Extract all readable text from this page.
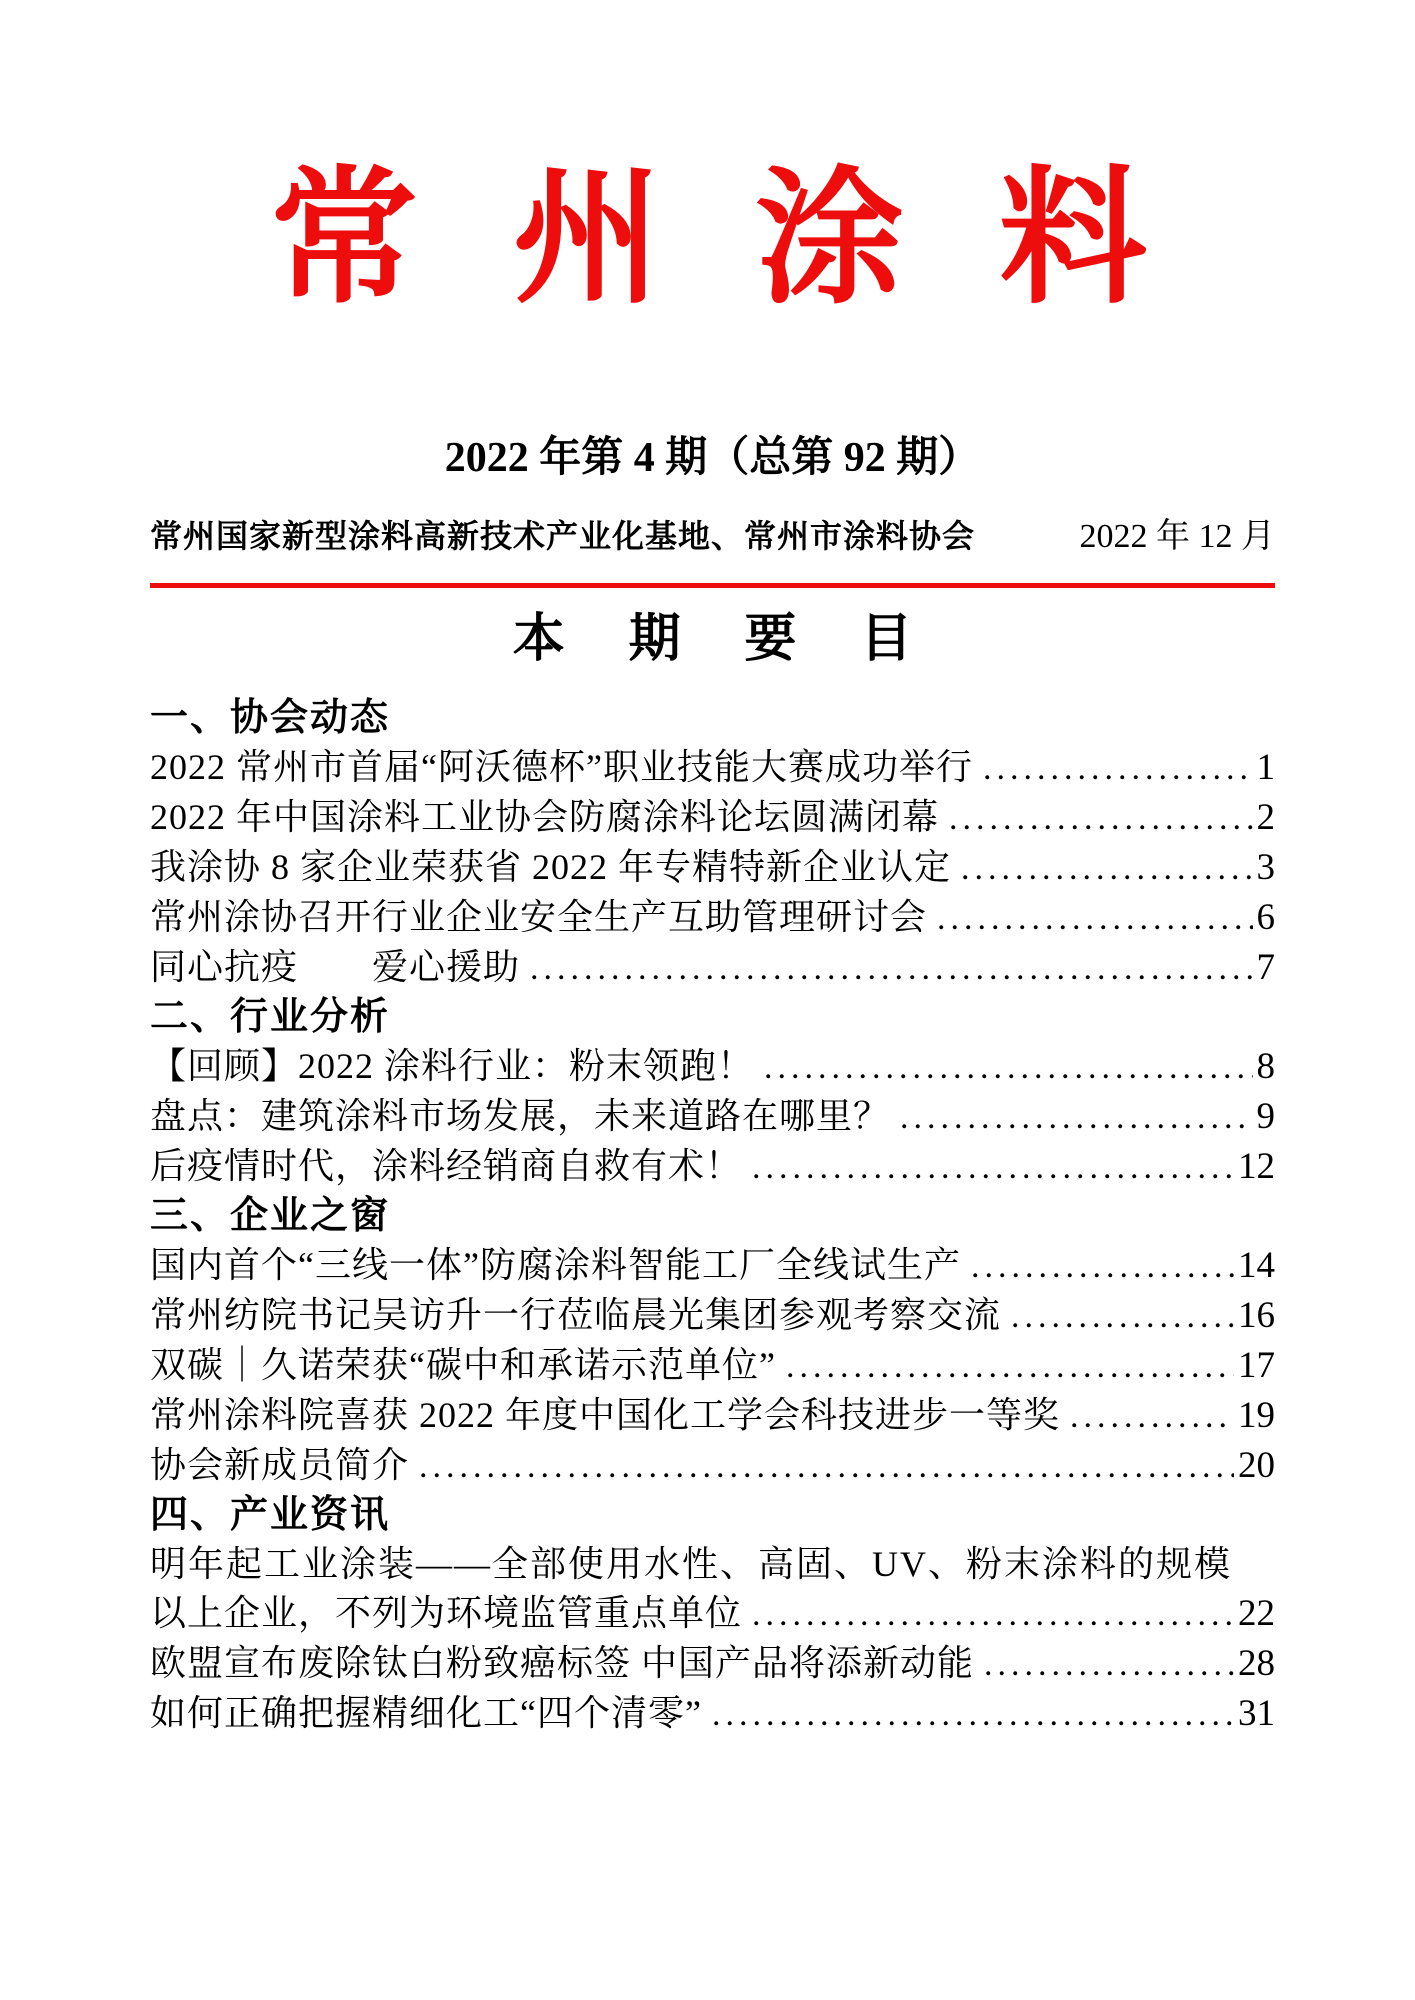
常 州 涂 料
2022 年第 4 期（总第 92 期）
常州国家新型涂料高新技术产业化基地、常州市涂料协会	2022 年 12 月
本 期 要 目
一、协会动态
2022 常州市首届“阿沃德杯”职业技能大赛成功举行 .....	1
2022 年中国涂料工业协会防腐涂料论坛圆满闭幕 .....	2
我涂协 8 家企业荣获省 2022 年专精特新企业认定 .....	3
常州涂协召开行业企业安全生产互助管理研讨会 .....	6
同心抗疫　　爱心援助 .....	7
二、行业分析
【回顾】2022 涂料行业：粉末领跑！ .....	8
盘点：建筑涂料市场发展，未来道路在哪里？ .....	9
后疫情时代，涂料经销商自救有术！ .....	12
三、企业之窗
国内首个“三线一体”防腐涂料智能工厂全线试生产 .....	14
常州纺院书记吴访升一行莅临晨光集团参观考察交流 .....	16
双碳｜久诺荣获“碳中和承诺示范单位” .....	17
常州涂料院喜获 2022 年度中国化工学会科技进步一等奖 .....	19
协会新成员简介 .....	20
四、产业资讯
明年起工业涂装——全部使用水性、高固、UV、粉末涂料的规模
以上企业，不列为环境监管重点单位 .....	22
欧盟宣布废除钛白粉致癌标签 中国产品将添新动能 .....	28
如何正确把握精细化工“四个清零” .....	31
